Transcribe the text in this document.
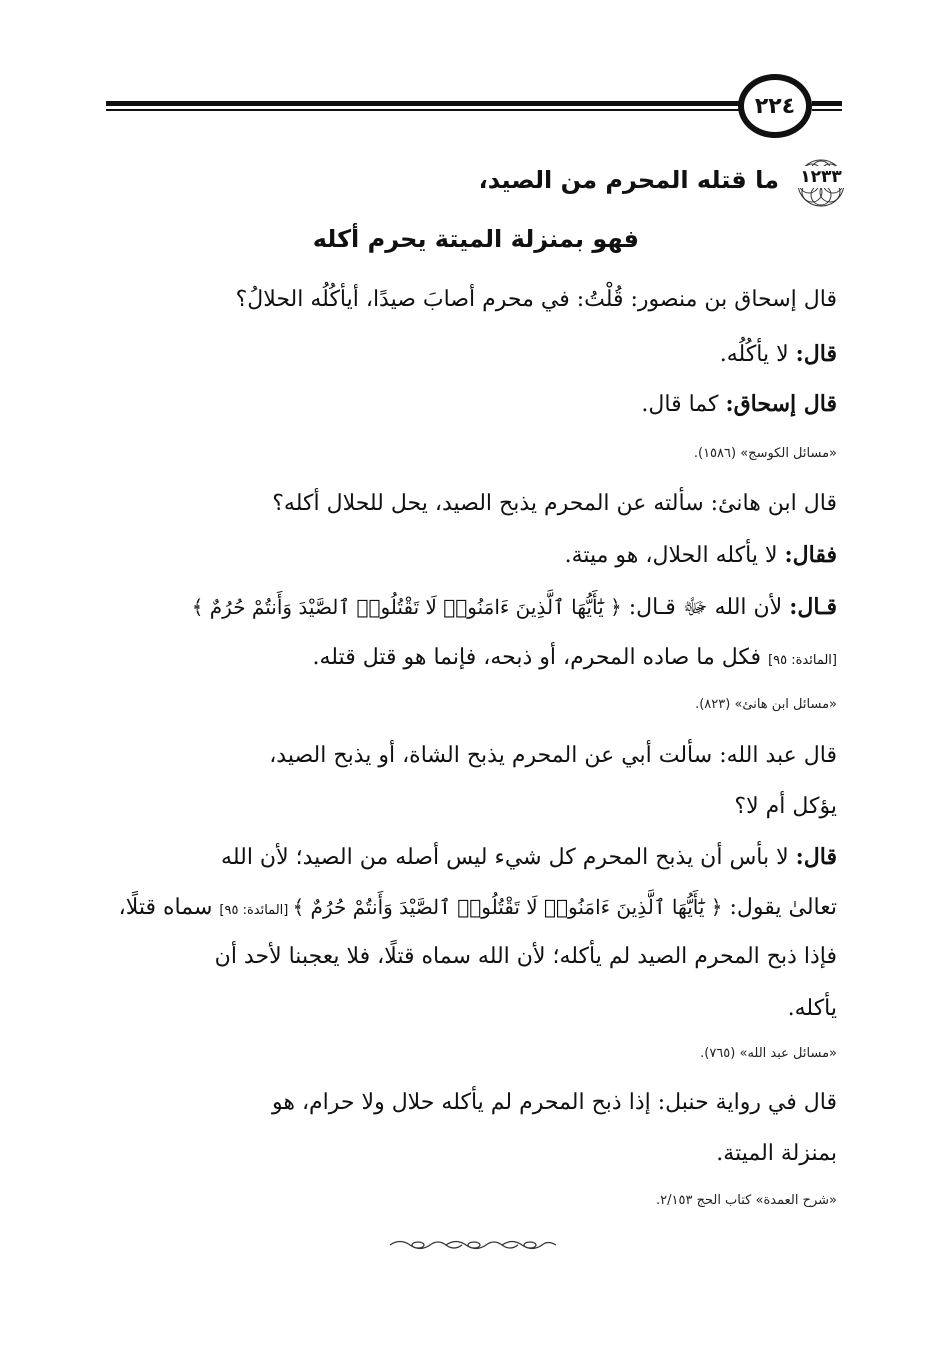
٢٢٤
١٢٣٣
ما قتله المحرم من الصيد،
فهو بمنزلة الميتة يحرم أكله
قال إسحاق بن منصور: قُلْتُ: في محرم أصابَ صيدًا، أيأكُلُه الحلالُ؟
قال: لا يأكُلُه.
قال إسحاق: كما قال.
«مسائل الكوسج» (١٥٨٦).
قال ابن هانئ: سألته عن المحرم يذبح الصيد، يحل للحلال أكله؟
فقال: لا يأكله الحلال، هو ميتة.
قـال: لأن الله ﷻ قـال: ﴿ يَٰٓأَيُّهَا ٱلَّذِينَ ءَامَنُوا۟ لَا تَقْتُلُوا۟ ٱلصَّيْدَ وَأَنتُمْ حُرُمٌ ﴾
[المائدة: ٩٥] فكل ما صاده المحرم، أو ذبحه، فإنما هو قتل قتله.
«مسائل ابن هانئ» (٨٢٣).
قال عبد الله: سألت أبي عن المحرم يذبح الشاة، أو يذبح الصيد،
يؤكل أم لا؟
قال: لا بأس أن يذبح المحرم كل شيء ليس أصله من الصيد؛ لأن الله
تعالىٰ يقول: ﴿ يَٰٓأَيُّهَا ٱلَّذِينَ ءَامَنُوا۟ لَا تَقْتُلُوا۟ ٱلصَّيْدَ وَأَنتُمْ حُرُمٌ ﴾ [المائدة: ٩٥] سماه قتلًا،
فإذا ذبح المحرم الصيد لم يأكله؛ لأن الله سماه قتلًا، فلا يعجبنا لأحد أن
يأكله.
«مسائل عبد الله» (٧٦٥).
قال في رواية حنبل: إذا ذبح المحرم لم يأكله حلال ولا حرام، هو
بمنزلة الميتة.
«شرح العمدة» كتاب الحج ٢/١٥٣.
